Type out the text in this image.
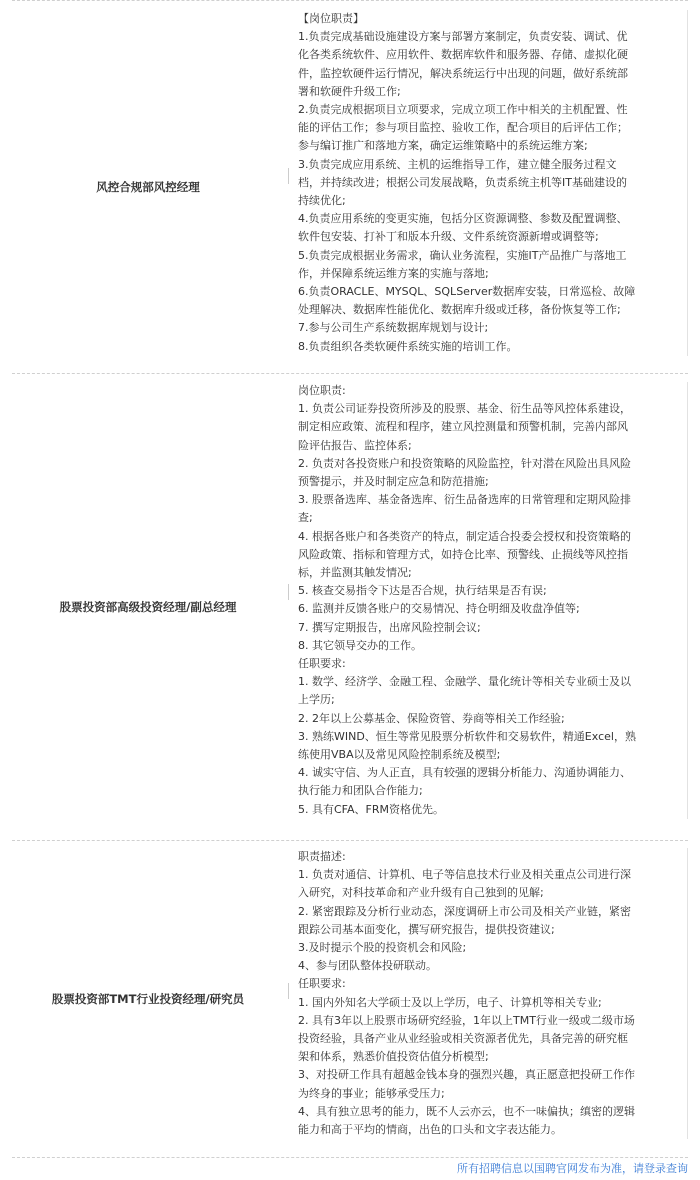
风控合规部风控经理
【岗位职责】
1.负责完成基础设施建设方案与部署方案制定，负责安装、调试、优
化各类系统软件、应用软件、数据库软件和服务器、存储、虚拟化硬
件，监控软硬件运行情况，解决系统运行中出现的问题，做好系统部
署和软硬件升级工作;
2.负责完成根据项目立项要求，完成立项工作中相关的主机配置、性
能的评估工作；参与项目监控、验收工作，配合项目的后评估工作；
参与编订推广和落地方案，确定运维策略中的系统运维方案;
3.负责完成应用系统、主机的运维指导工作，建立健全服务过程文
档，并持续改进；根据公司发展战略，负责系统主机等IT基础建设的
持续优化;
4.负责应用系统的变更实施，包括分区资源调整、参数及配置调整、
软件包安装、打补丁和版本升级、文件系统资源新增或调整等;
5.负责完成根据业务需求，确认业务流程，实施IT产品推广与落地工
作，并保障系统运维方案的实施与落地;
6.负责ORACLE、MYSQL、SQLServer数据库安装，日常巡检、故障
处理解决、数据库性能优化、数据库升级或迁移，备份恢复等工作;
7.参与公司生产系统数据库规划与设计;
8.负责组织各类软硬件系统实施的培训工作。
股票投资部高级投资经理/副总经理
岗位职责:
1. 负责公司证券投资所涉及的股票、基金、衍生品等风控体系建设，
制定相应政策、流程和程序，建立风控测量和预警机制，完善内部风
险评估报告、监控体系;
2. 负责对各投资账户和投资策略的风险监控，针对潜在风险出具风险
预警提示，并及时制定应急和防范措施;
3. 股票备选库、基金备选库、衍生品备选库的日常管理和定期风险排
查;
4. 根据各账户和各类资产的特点，制定适合投委会授权和投资策略的
风险政策、指标和管理方式，如持仓比率、预警线、止损线等风控指
标，并监测其触发情况;
5. 核查交易指令下达是否合规，执行结果是否有误;
6. 监测并反馈各账户的交易情况、持仓明细及收盘净值等;
7. 撰写定期报告，出席风险控制会议;
8. 其它领导交办的工作。
任职要求:
1. 数学、经济学、金融工程、金融学、量化统计等相关专业硕士及以
上学历;
2. 2年以上公募基金、保险资管、券商等相关工作经验;
3. 熟练WIND、恒生等常见股票分析软件和交易软件，精通Excel，熟
练使用VBA以及常见风险控制系统及模型;
4. 诚实守信、为人正直，具有较强的逻辑分析能力、沟通协调能力、
执行能力和团队合作能力;
5. 具有CFA、FRM资格优先。
股票投资部TMT行业投资经理/研究员
职责描述:
1. 负责对通信、计算机、电子等信息技术行业及相关重点公司进行深
入研究，对科技革命和产业升级有自己独到的见解;
2. 紧密跟踪及分析行业动态，深度调研上市公司及相关产业链，紧密
跟踪公司基本面变化，撰写研究报告，提供投资建议;
3.及时提示个股的投资机会和风险;
4、参与团队整体投研联动。
任职要求:
1. 国内外知名大学硕士及以上学历，电子、计算机等相关专业;
2. 具有3年以上股票市场研究经验，1年以上TMT行业一级或二级市场
投资经验，具备产业从业经验或相关资源者优先，具备完善的研究框
架和体系，熟悉价值投资估值分析模型;
3、对投研工作具有超越金钱本身的强烈兴趣，真正愿意把投研工作作
为终身的事业；能够承受压力;
4、具有独立思考的能力，既不人云亦云，也不一味偏执；缜密的逻辑
能力和高于平均的情商，出色的口头和文字表达能力。
所有招聘信息以国聘官网发布为准，请登录查询
